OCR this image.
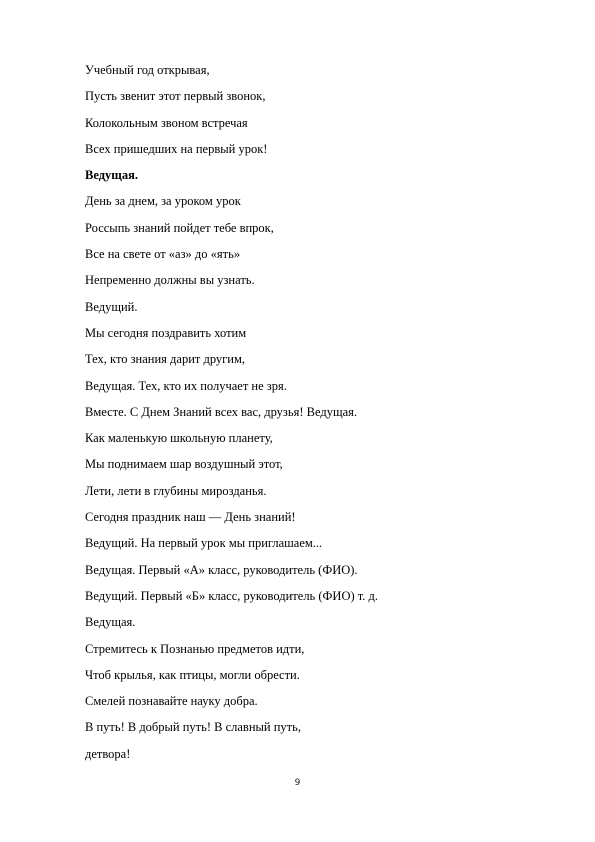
Учебный год открывая,
Пусть звенит этот первый звонок,
Колокольным звоном встречая
Всех пришедших на первый урок!
Ведущая.
День за днем, за уроком урок
Россыпь знаний пойдет тебе впрок,
Все на свете от «аз» до «ять»
Непременно должны вы узнать.
Ведущий.
Мы сегодня поздравить хотим
Тех, кто знания дарит другим,
Ведущая. Тех, кто их получает не зря.
Вместе. С Днем Знаний всех вас, друзья! Ведущая.
Как маленькую школьную планету,
Мы поднимаем шар воздушный этот,
Лети, лети в глубины мирозданья.
Сегодня праздник наш — День знаний!
Ведущий. На первый урок мы приглашаем...
Ведущая. Первый «А» класс, руководитель (ФИО).
Ведущий. Первый «Б» класс, руководитель (ФИО) т. д.
Ведущая.
Стремитесь к Познанью предметов идти,
Чтоб крылья, как птицы, могли обрести.
Смелей познавайте науку добра.
В путь! В добрый путь! В славный путь,
детвора!
9
